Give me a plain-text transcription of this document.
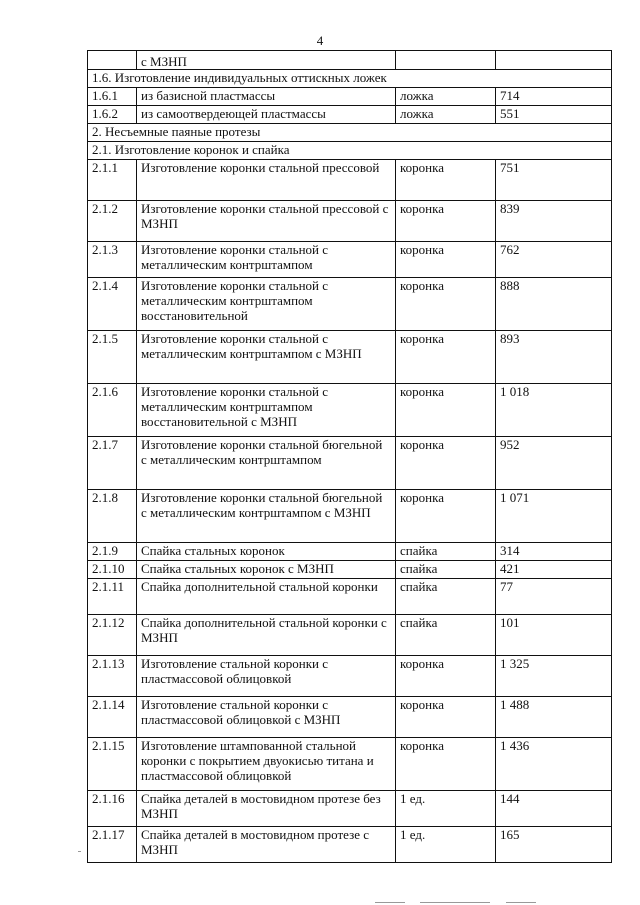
4
	с МЗНП		
1.6. Изготовление индивидуальных оттискных ложек			
1.6.1	из базисной пластмассы	ложка	714
1.6.2	из самоотвердеющей пластмассы	ложка	551
2. Несъемные паяные протезы			
2.1. Изготовление коронок и спайка			
2.1.1	Изготовление коронки стальной прессовой	коронка	751
2.1.2	Изготовление коронки стальной прессовой с МЗНП	коронка	839
2.1.3	Изготовление коронки стальной с металлическим контрштампом	коронка	762
2.1.4	Изготовление коронки стальной с металлическим контрштампом восстановительной	коронка	888
2.1.5	Изготовление коронки стальной с металлическим контрштампом с МЗНП	коронка	893
2.1.6	Изготовление коронки стальной с металлическим контрштампом восстановительной с МЗНП	коронка	1 018
2.1.7	Изготовление коронки стальной бюгельной с металлическим контрштампом	коронка	952
2.1.8	Изготовление коронки стальной бюгельной с металлическим контрштампом с МЗНП	коронка	1 071
2.1.9	Спайка стальных коронок	спайка	314
2.1.10	Спайка стальных коронок с МЗНП	спайка	421
2.1.11	Спайка дополнительной стальной коронки	спайка	77
2.1.12	Спайка дополнительной стальной коронки с МЗНП	спайка	101
2.1.13	Изготовление стальной коронки с пластмассовой облицовкой	коронка	1 325
2.1.14	Изготовление стальной коронки с пластмассовой облицовкой с МЗНП	коронка	1 488
2.1.15	Изготовление штампованной стальной коронки с покрытием двуокисью титана и пластмассовой облицовкой	коронка	1 436
2.1.16	Спайка деталей в мостовидном протезе без МЗНП	1 ед.	144
2.1.17	Спайка деталей в мостовидном протезе с МЗНП	1 ед.	165
